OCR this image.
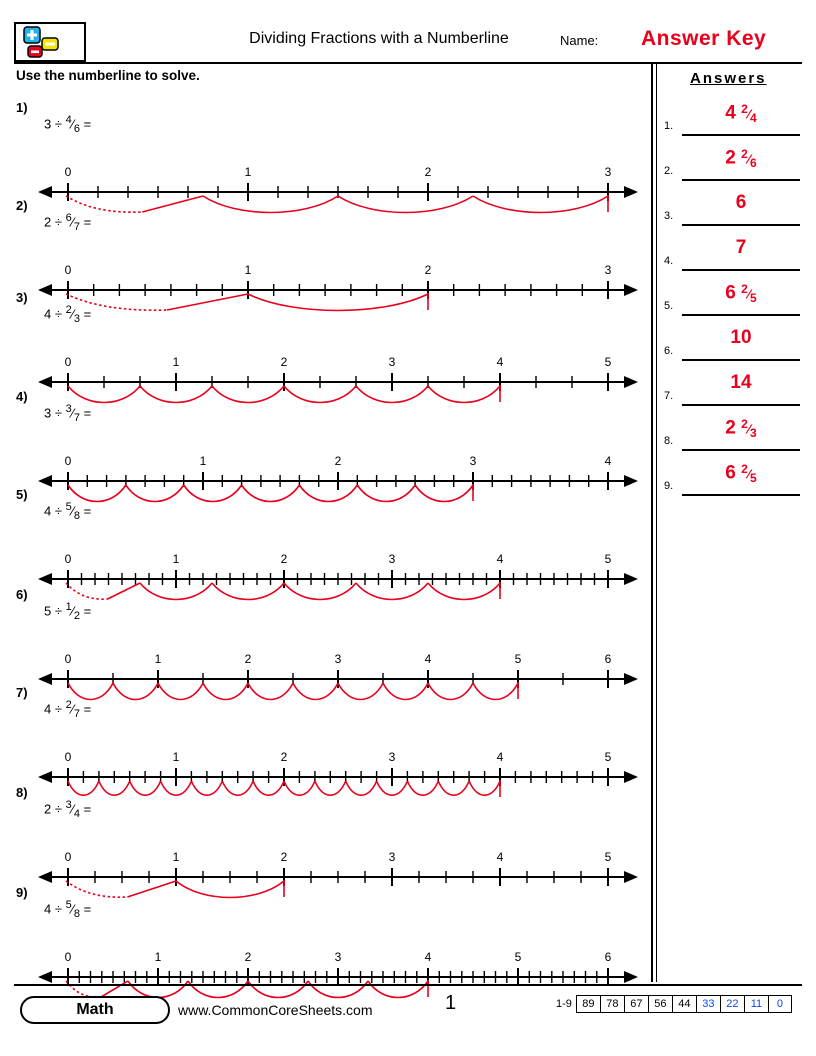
Dividing Fractions with a Numberline	Name: Answer Key
Use the numberline to solve.	Answers
1.
4 $^2⁄_4$
2.
2 $^2⁄_6$
3.
6
4.
7
5.
6 $^2⁄_5$
6.
10
7.
14
8.
2 $^2⁄_3$
9.
6 $^2⁄_5$
1)
$3 \div ^4⁄_6$ =
0	1	2	3
2)
$2 \div ^6⁄_7$ =
0	1	2	3
3)
$4 \div ^2⁄_3$ =
0	1	2	3	4	5
4)
$3 \div ^3⁄_7$ =
0	1	2	3	4
5)
$4 \div ^5⁄_8$ =
0	1	2	3	4	5
6)
$5 \div ^1⁄_2$ =
0	1	2	3	4	5	6
7)
$4 \div ^2⁄_7$ =
0	1	2	3	4	5
8)
$2 \div ^3⁄_4$ =
0	1	2	3	4	5
9)
$4 \div ^5⁄_8$ =
0	1	2	3	4	5	6
Math	www.CommonCoreSheets.com	1	1-9 89	78	67	56	44	33	22	11	0
